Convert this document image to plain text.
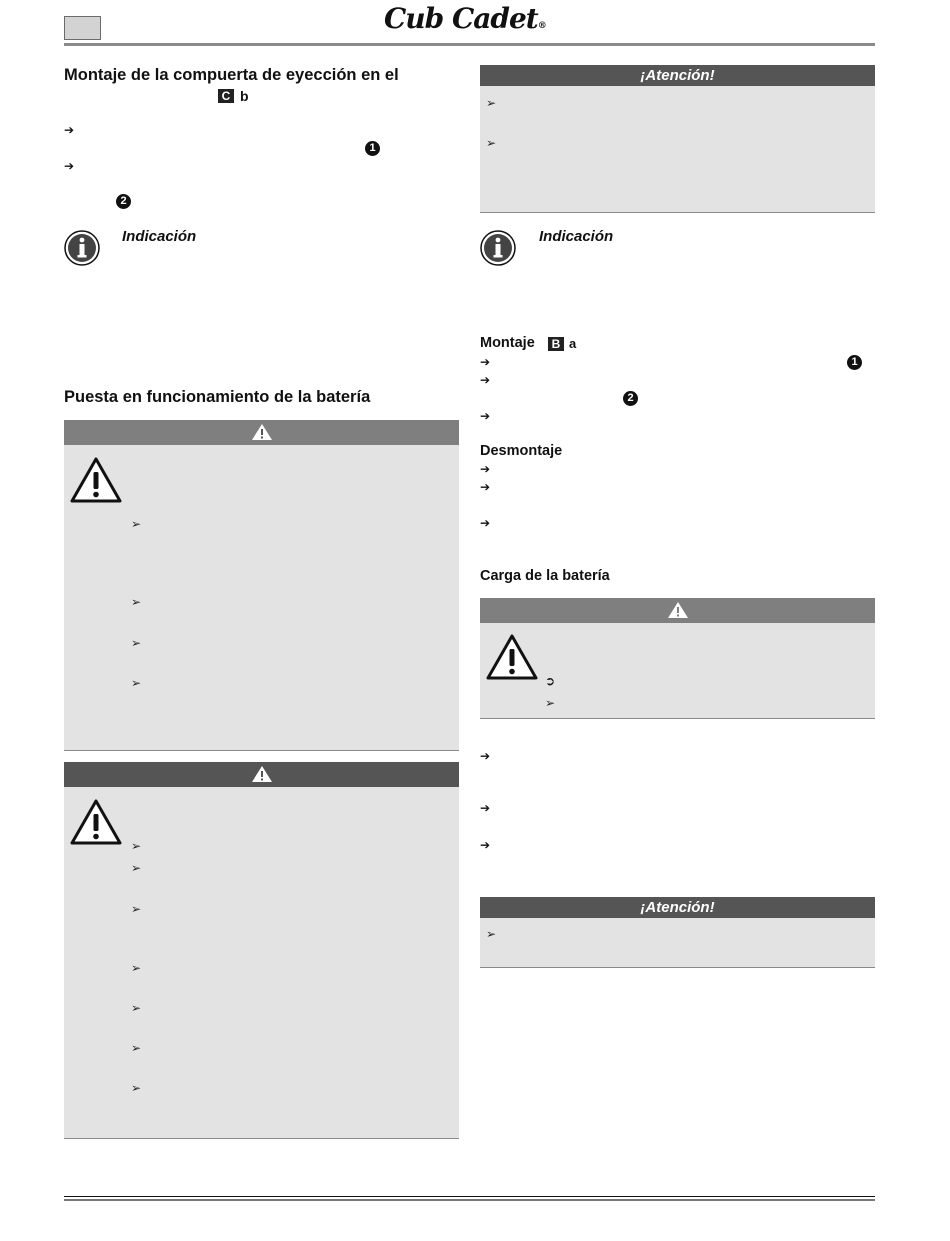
Cub Cadet®
Montaje de la compuerta de eyección en el
C b
➔
1
➔
2
Indicación
Puesta en funcionamiento de la batería
➢
➢
➢
➢
➢
➢
➢
➢
➢
➢
➢
¡Atención!
➢
➢
Indicación
Montaje	B a
➔	1
➔
2
➔
Desmontaje
➔
➔
➔
Carga de la batería
➲
➢
➔
➔
➔
¡Atención!
➢
